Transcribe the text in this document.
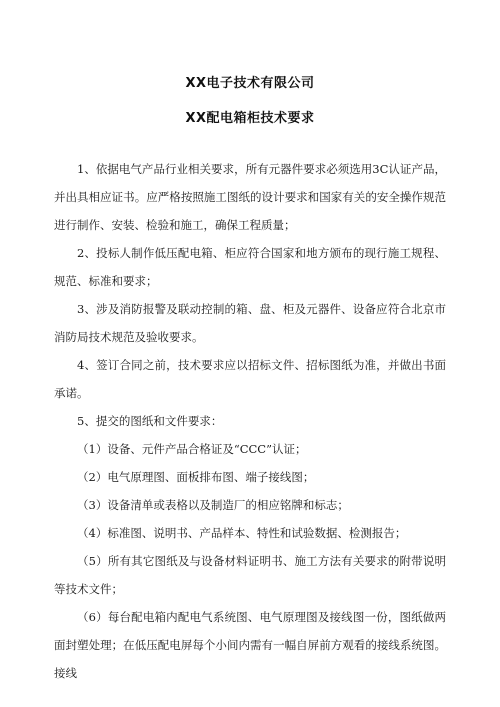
XX电子技术有限公司
XX配电箱柜技术要求

1、依据电气产品行业相关要求，所有元器件要求必须选用3C认证产品，并出具相应证书。应严格按照施工图纸的设计要求和国家有关的安全操作规范进行制作、安装、检验和施工，确保工程质量；

2、投标人制作低压配电箱、柜应符合国家和地方颁布的现行施工规程、规范、标准和要求；

3、涉及消防报警及联动控制的箱、盘、柜及元器件、设备应符合北京市消防局技术规范及验收要求。

4、签订合同之前，技术要求应以招标文件、招标图纸为准，并做出书面承诺。

5、提交的图纸和文件要求：

（1）设备、元件产品合格证及“CCC”认证；

（2）电气原理图、面板排布图、端子接线图；

（3）设备清单或表格以及制造厂的相应铭牌和标志；

（4）标准图、说明书、产品样本、特性和试验数据、检测报告；

（5）所有其它图纸及与设备材料证明书、施工方法有关要求的附带说明等技术文件；

（6）每台配电箱内配电气系统图、电气原理图及接线图一份，图纸做两面封塑处理；在低压配电屏每个小间内需有一幅自屏前方观看的接线系统图。接线
